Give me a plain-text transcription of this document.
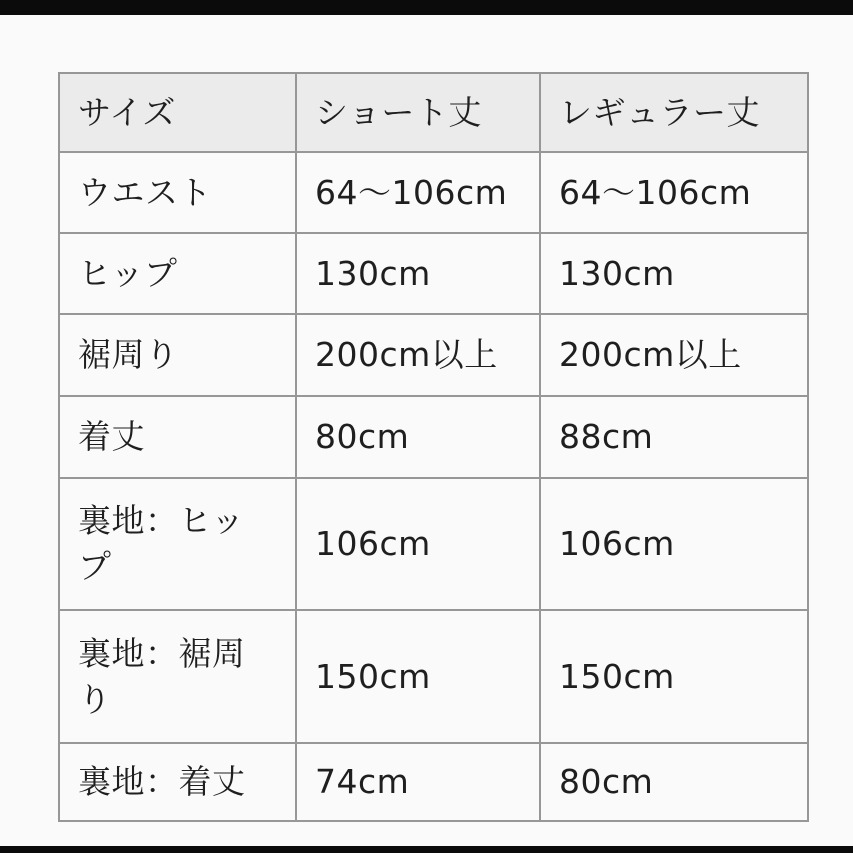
サイズ	ショート丈	レギュラー丈
ウエスト	64〜106cm	64〜106cm
ヒップ	130cm	130cm
裾周り	200cm以上	200cm以上
着丈	80cm	88cm
裏地：ヒップ	106cm	106cm
裏地：裾周り	150cm	150cm
裏地：着丈	74cm	80cm
